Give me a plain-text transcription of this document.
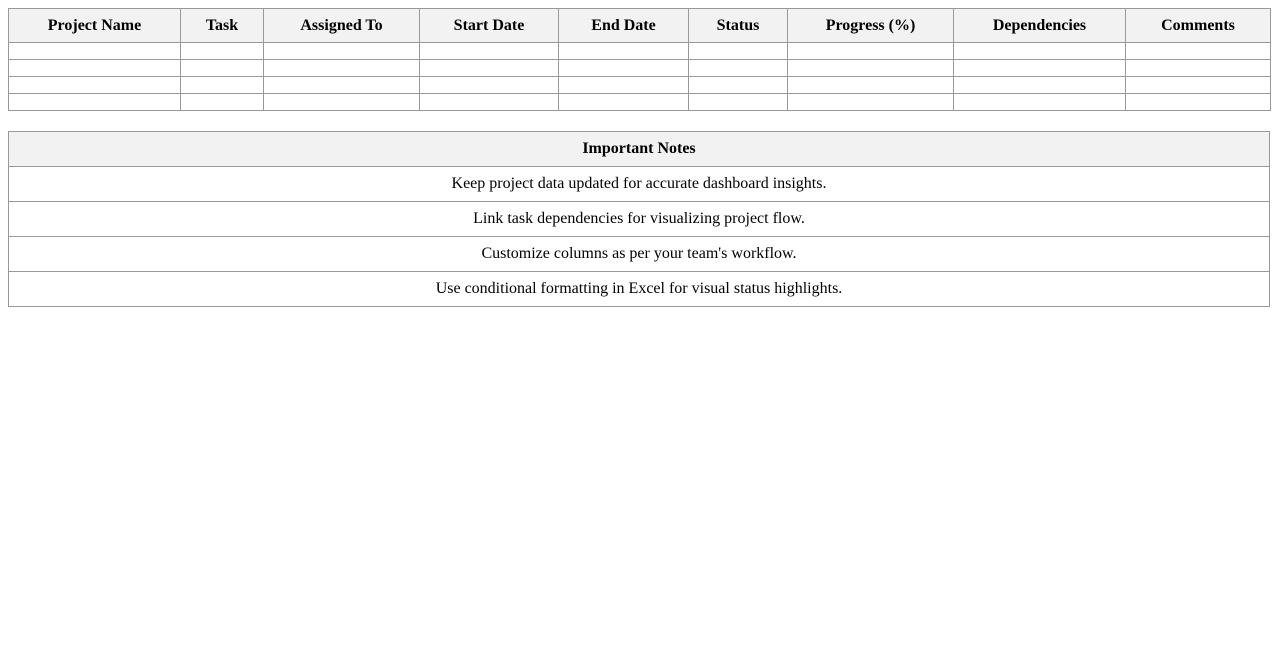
Project Name	Task	Assigned To	Start Date	End Date	Status	Progress (%)	Dependencies	Comments

Important Notes
Keep project data updated for accurate dashboard insights.
Link task dependencies for visualizing project flow.
Customize columns as per your team's workflow.
Use conditional formatting in Excel for visual status highlights.
